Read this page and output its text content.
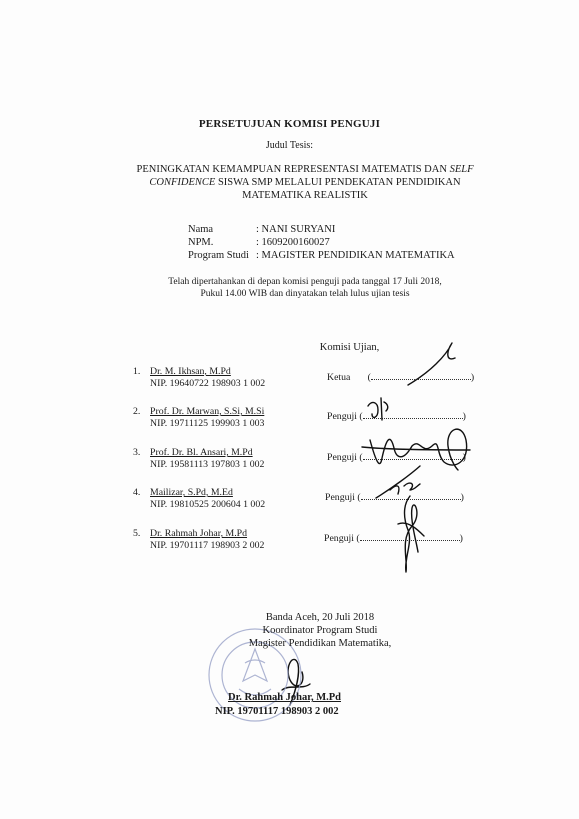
PERSETUJUAN KOMISI PENGUJI
Judul Tesis:
PENINGKATAN KEMAMPUAN REPRESENTASI MATEMATIS DAN SELF
CONFIDENCE SISWA SMP MELALUI PENDEKATAN PENDIDIKAN
MATEMATIKA REALISTIK
Nama	: NANI SURYANI
NPM.	: 1609200160027
Program Studi : MAGISTER PENDIDIKAN MATEMATIKA
Telah dipertahankan di depan komisi penguji pada tanggal 17 Juli 2018,
Pukul 14.00 WIB dan dinyatakan telah lulus ujian tesis
Komisi Ujian,
1. Dr. M. Ikhsan, M.Pd
NIP. 19640722 198903 1 002
Ketua (	)
2. Prof. Dr. Marwan, S.Si, M.Si
NIP. 19711125 199903 1 003
Penguji (	)
3. Prof. Dr. Bl. Ansari, M.Pd
NIP. 19581113 197803 1 002
Penguji (	)
4. Mailizar, S.Pd, M.Ed
NIP. 19810525 200604 1 002
Penguji (	)
5. Dr. Rahmah Johar, M.Pd
NIP. 19701117 198903 2 002
Penguji (	)
Banda Aceh, 20 Juli 2018
Koordinator Program Studi
Magister Pendidikan Matematika,
Dr. Rahmah Johar, M.Pd
NIP. 19701117 198903 2 002
